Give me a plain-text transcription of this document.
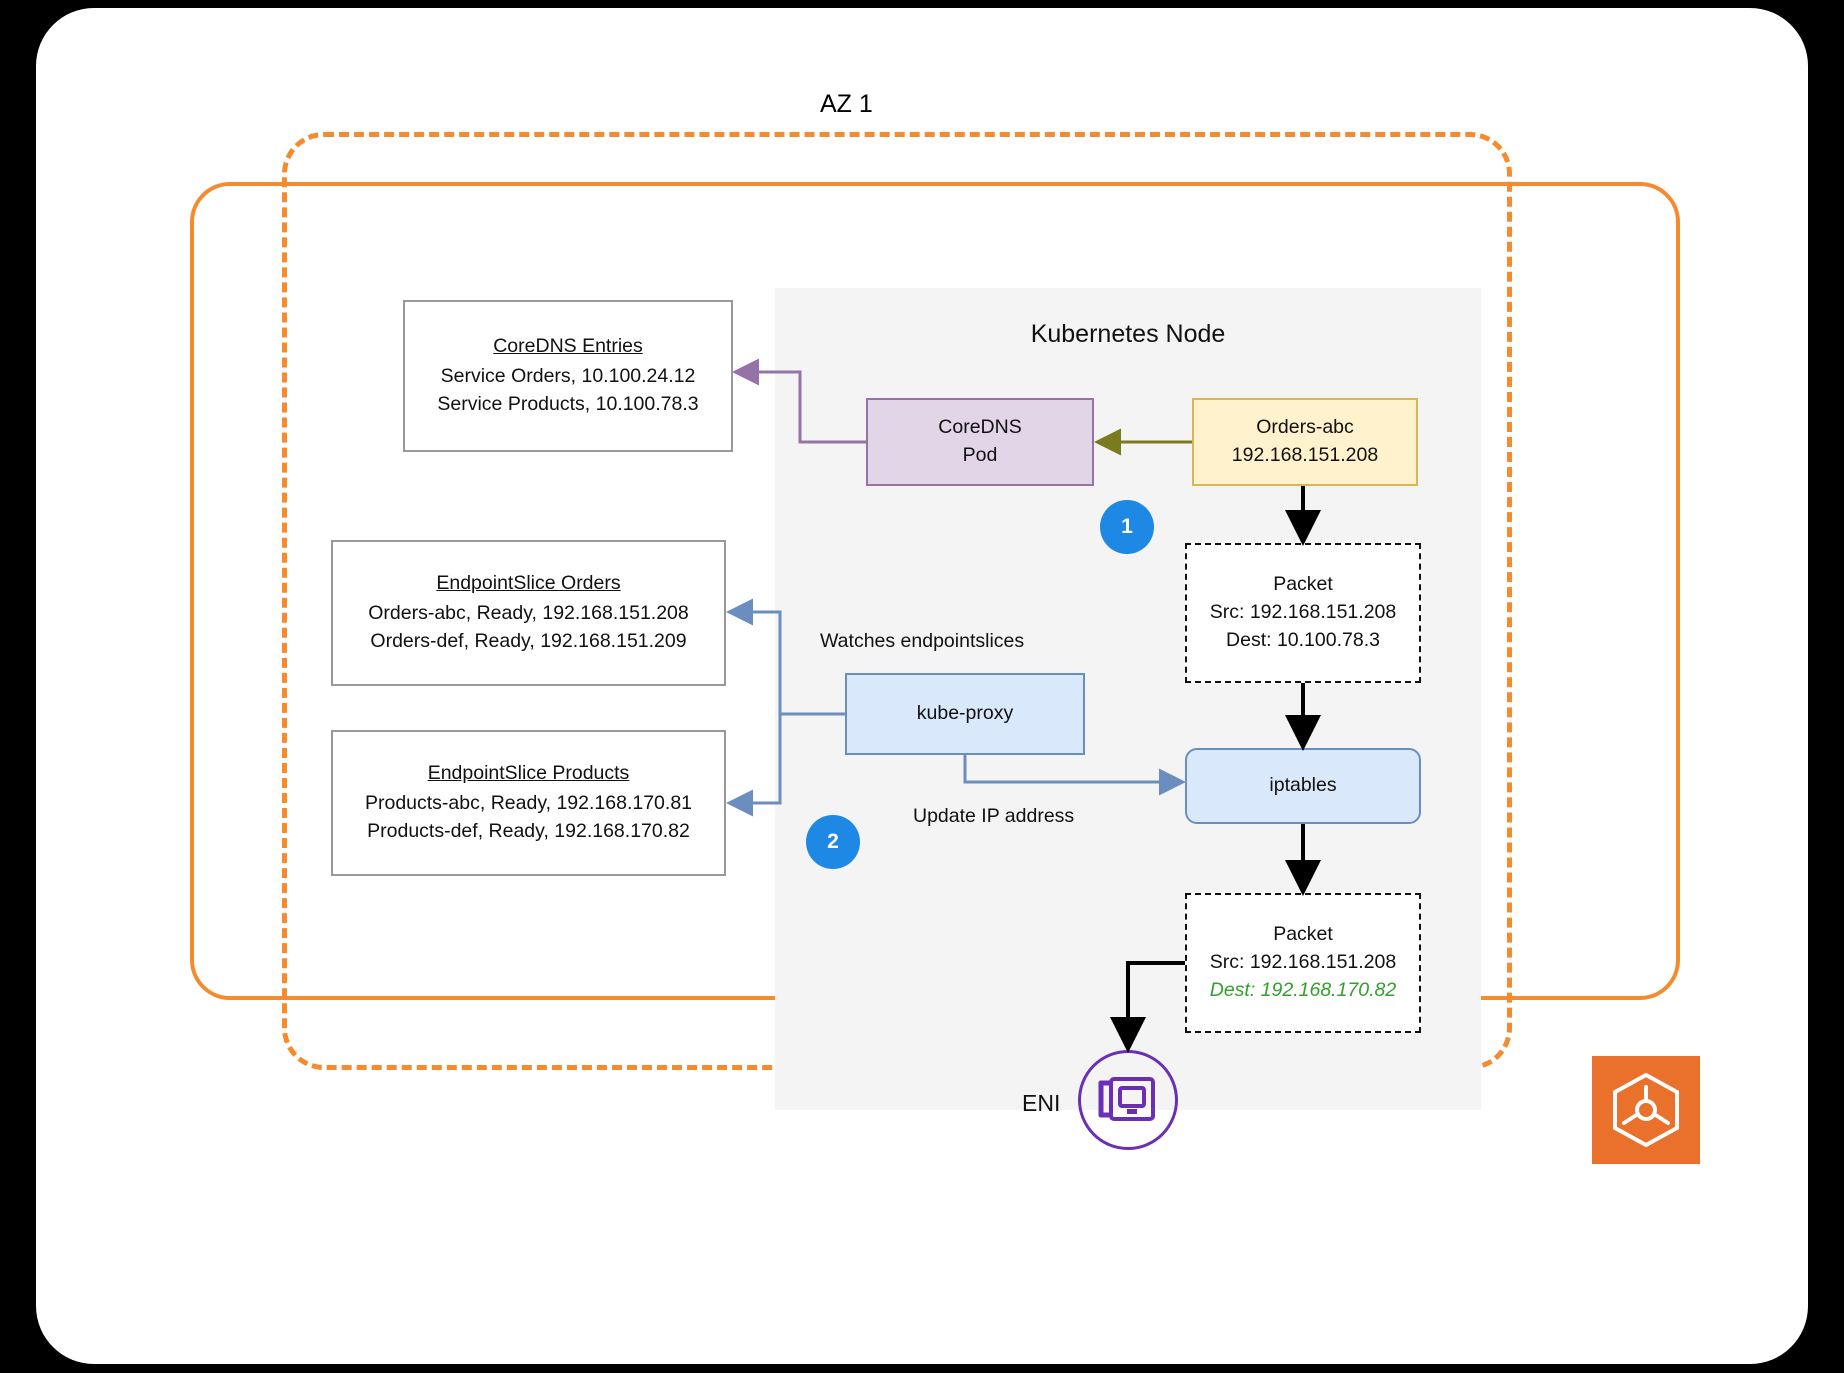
AZ 1
Kubernetes Node
CoreDNS Entries
Service Orders, 10.100.24.12
Service Products, 10.100.78.3
CoreDNS
Pod
Orders-abc
192.168.151.208
EndpointSlice Orders
Orders-abc, Ready, 192.168.151.208
Orders-def, Ready, 192.168.151.209
EndpointSlice Products
Products-abc, Ready, 192.168.170.81
Products-def, Ready, 192.168.170.82
kube-proxy
iptables
Packet
Src: 192.168.151.208
Dest: 10.100.78.3
Packet
Src: 192.168.151.208
Dest: 192.168.170.82
Watches endpointslices
Update IP address
1
2
ENI
